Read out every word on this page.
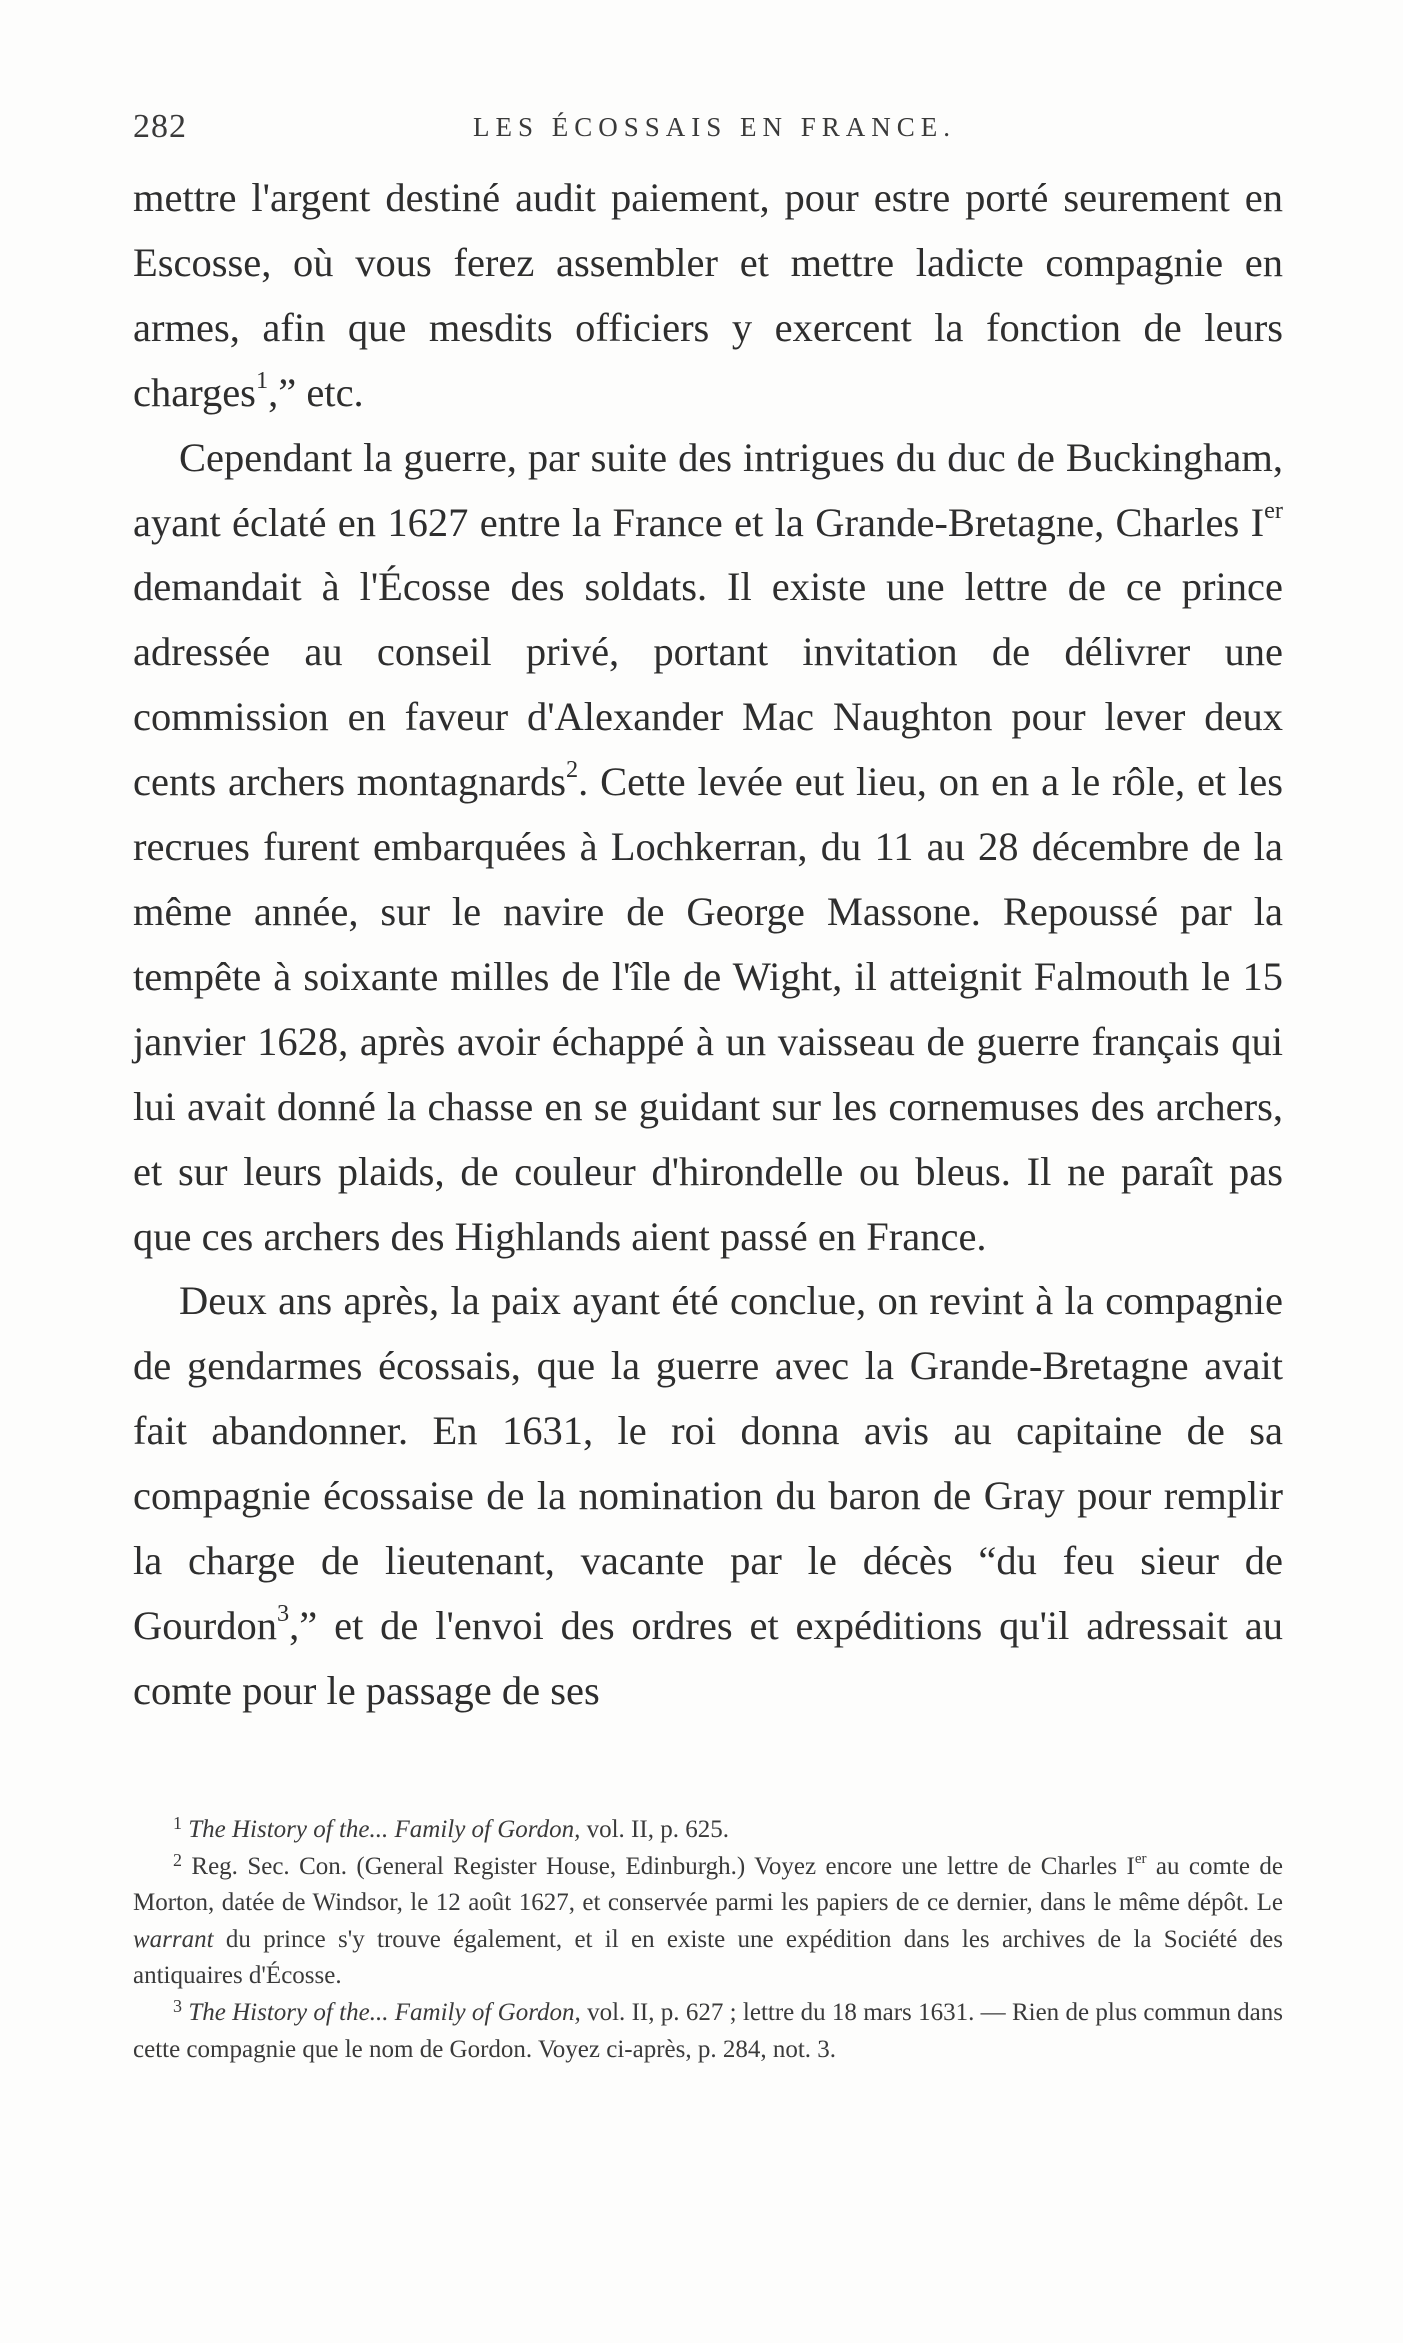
282	LES ÉCOSSAIS EN FRANCE.

mettre l'argent destiné audit paiement, pour estre porté seurement en Escosse, où vous ferez assembler et mettre ladicte compagnie en armes, afin que mesdits officiers y exercent la fonction de leurs charges$^1$,” etc.

Cependant la guerre, par suite des intrigues du duc de Buckingham, ayant éclaté en 1627 entre la France et la Grande-Bretagne, Charles Ier demandait à l'Écosse des soldats. Il existe une lettre de ce prince adressée au conseil privé, portant invitation de délivrer une commission en faveur d'Alexander Mac Naughton pour lever deux cents archers montagnards$^2$. Cette levée eut lieu, on en a le rôle, et les recrues furent embarquées à Lochkerran, du 11 au 28 décembre de la même année, sur le navire de George Massone. Repoussé par la tempête à soixante milles de l'île de Wight, il atteignit Falmouth le 15 janvier 1628, après avoir échappé à un vaisseau de guerre français qui lui avait donné la chasse en se guidant sur les cornemuses des archers, et sur leurs plaids, de couleur d'hirondelle ou bleus. Il ne paraît pas que ces archers des Highlands aient passé en France.

Deux ans après, la paix ayant été conclue, on revint à la compagnie de gendarmes écossais, que la guerre avec la Grande-Bretagne avait fait abandonner. En 1631, le roi donna avis au capitaine de sa compagnie écossaise de la nomination du baron de Gray pour remplir la charge de lieutenant, vacante par le décès “du feu sieur de Gourdon$^3$,” et de l'envoi des ordres et expéditions qu'il adressait au comte pour le passage de ses

$^1$ The History of the... Family of Gordon, vol. II, p. 625.

$^2$ Reg. Sec. Con. (General Register House, Edinburgh.) Voyez encore une lettre de Charles Ier au comte de Morton, datée de Windsor, le 12 août 1627, et conservée parmi les papiers de ce dernier, dans le même dépôt. Le warrant du prince s'y trouve également, et il en existe une expédition dans les archives de la Société des antiquaires d'Écosse.

$^3$ The History of the... Family of Gordon, vol. II, p. 627 ; lettre du 18 mars 1631. — Rien de plus commun dans cette compagnie que le nom de Gordon. Voyez ci-après, p. 284, not. 3.
